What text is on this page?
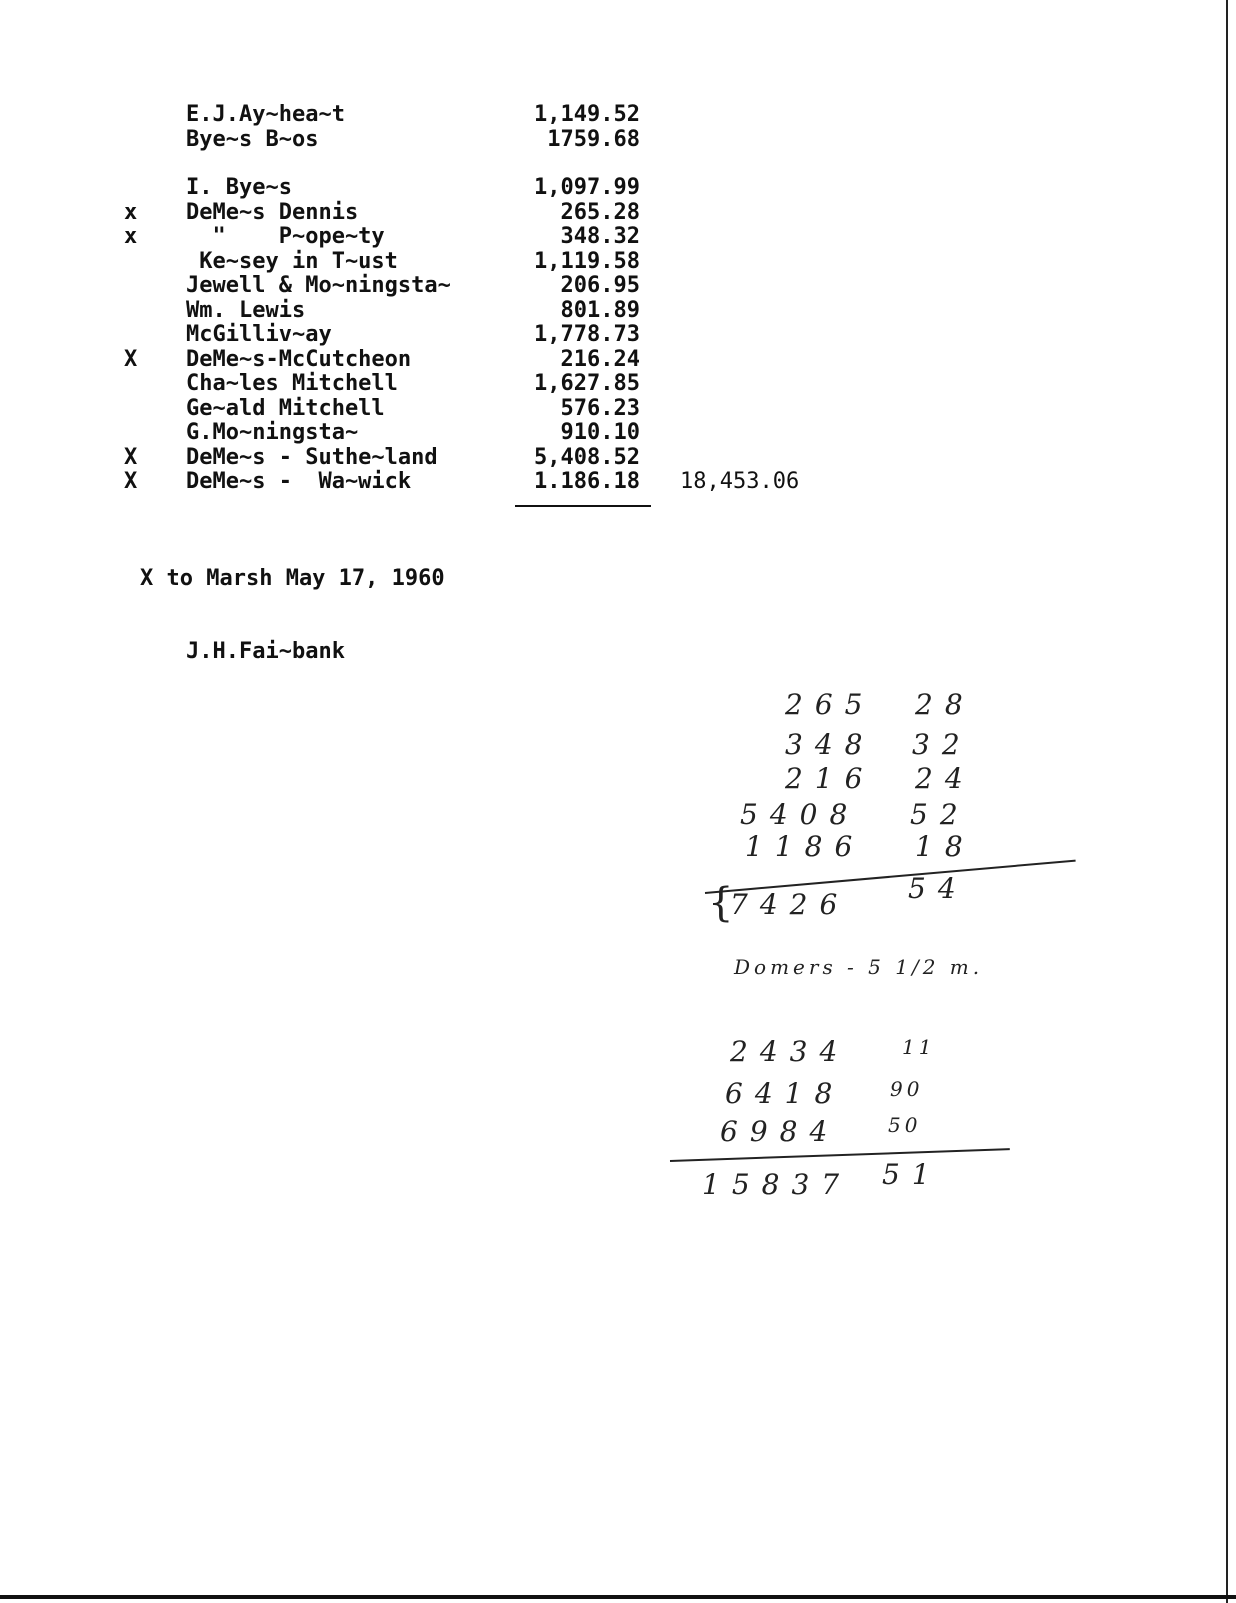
E.J.Ay~hea~t	1,149.52
Bye~s B~os	1759.68
I. Bye~s	1,097.99
x	DeMe~s Dennis	265.28
x	"    P~ope~ty	348.32
Ke~sey in T~ust	1,119.58
Jewell & Mo~ningsta~	206.95
Wm. Lewis	801.89
McGilliv~ay	1,778.73
X	DeMe~s-McCutcheon	216.24
Cha~les Mitchell	1,627.85
Ge~ald Mitchell	576.23
G.Mo~ningsta~	910.10
X	DeMe~s - Suthe~land	5,408.52
X	DeMe~s -  Wa~wick	1.186.18 18,453.06
X to Marsh May 17, 1960
J.H.Fai~bank
265 28
348 32
216 24
5408 52
1186 18
{
7426 54
Domers - 5 1/2 m.
2434	11
6418 90
6984 50
15837 51
